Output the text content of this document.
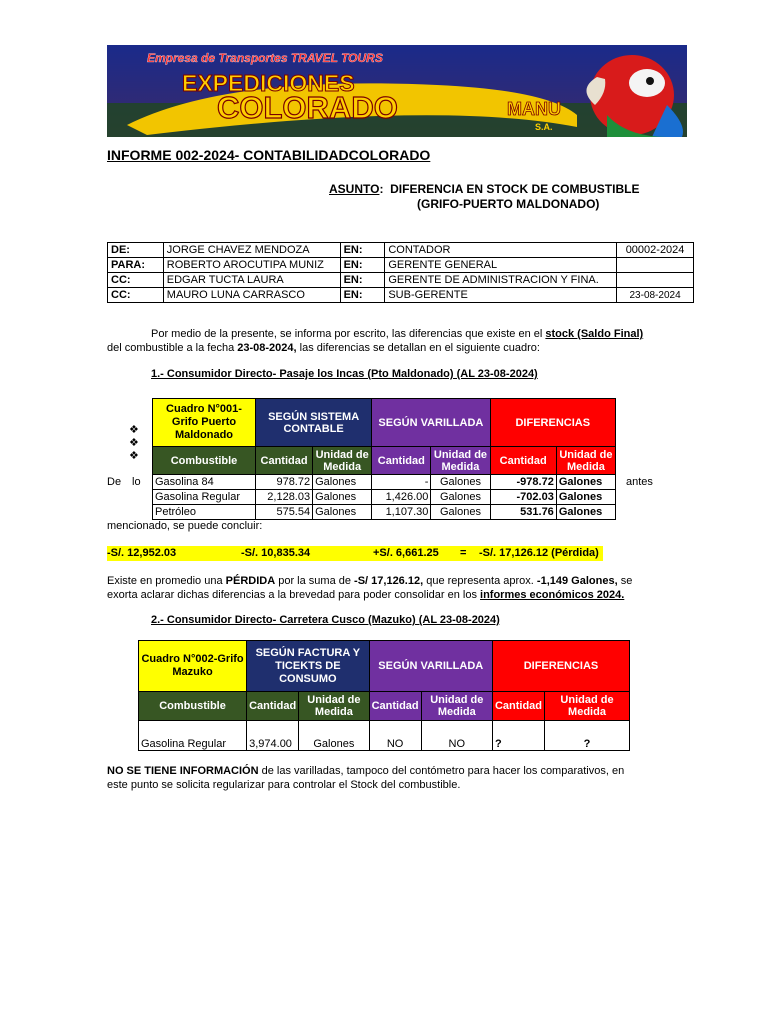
Empresa de Transportes TRAVEL TOURS
EXPEDICIONES
COLORADO	MANU
S.A.
INFORME 002-2024- CONTABILIDADCOLORADO
ASUNTO: DIFERENCIA EN STOCK DE COMBUSTIBLE
(GRIFO-PUERTO MALDONADO)
DE:	JORGE CHAVEZ MENDOZA	EN:	CONTADOR	00002-2024
PARA:	ROBERTO AROCUTIPA MUNIZ	EN:	GERENTE GENERAL	
CC:	EDGAR TUCTA LAURA	EN:	GERENTE DE ADMINISTRACION Y FINA.	
CC:	MAURO LUNA CARRASCO	EN:	SUB-GERENTE	23-08-2024
Por medio de la presente, se informa por escrito, las diferencias que existe en el stock (Saldo Final)
del combustible a la fecha 23-08-2024, las diferencias se detallan en el siguiente cuadro:
1.- Consumidor Directo- Pasaje los Incas (Pto Maldonado) (AL 23-08-2024)
❖
❖
❖
Cuadro N°001-Grifo Puerto Maldonado	SEGÚN SISTEMA CONTABLE		SEGÚN VARILLADA		DIFERENCIAS	
Combustible	Cantidad	Unidad de Medida	Cantidad	Unidad de Medida	Cantidad	Unidad de Medida
Gasolina 84	978.72	Galones	-	Galones	-978.72	Galones
Gasolina Regular	2,128.03	Galones	1,426.00	Galones	-702.03	Galones
Petróleo	575.54	Galones	1,107.30	Galones	531.76	Galones
De lo	antes
mencionado, se puede concluir:
-S/. 12,952.03	-S/. 10,835.34	+S/. 6,661.25 = -S/. 17,126.12 (Pérdida)
Existe en promedio una PÉRDIDA por la suma de -S/ 17,126.12, que representa aprox. -1,149 Galones, se
exorta aclarar dichas diferencias a la brevedad para poder consolidar en los informes económicos 2024.
2.- Consumidor Directo- Carretera Cusco (Mazuko) (AL 23-08-2024)
Cuadro N°002-Grifo Mazuko	SEGÚN FACTURA Y TICEKTS DE CONSUMO		SEGÚN VARILLADA		DIFERENCIAS	
Combustible	Cantidad	Unidad de Medida	Cantidad	Unidad de Medida	Cantidad	Unidad de Medida
Gasolina Regular	3,974.00	Galones	NO	NO	?	?
NO SE TIENE INFORMACIÓN de las varilladas, tampoco del contómetro para hacer los comparativos, en
este punto se solicita regularizar para controlar el Stock del combustible.
